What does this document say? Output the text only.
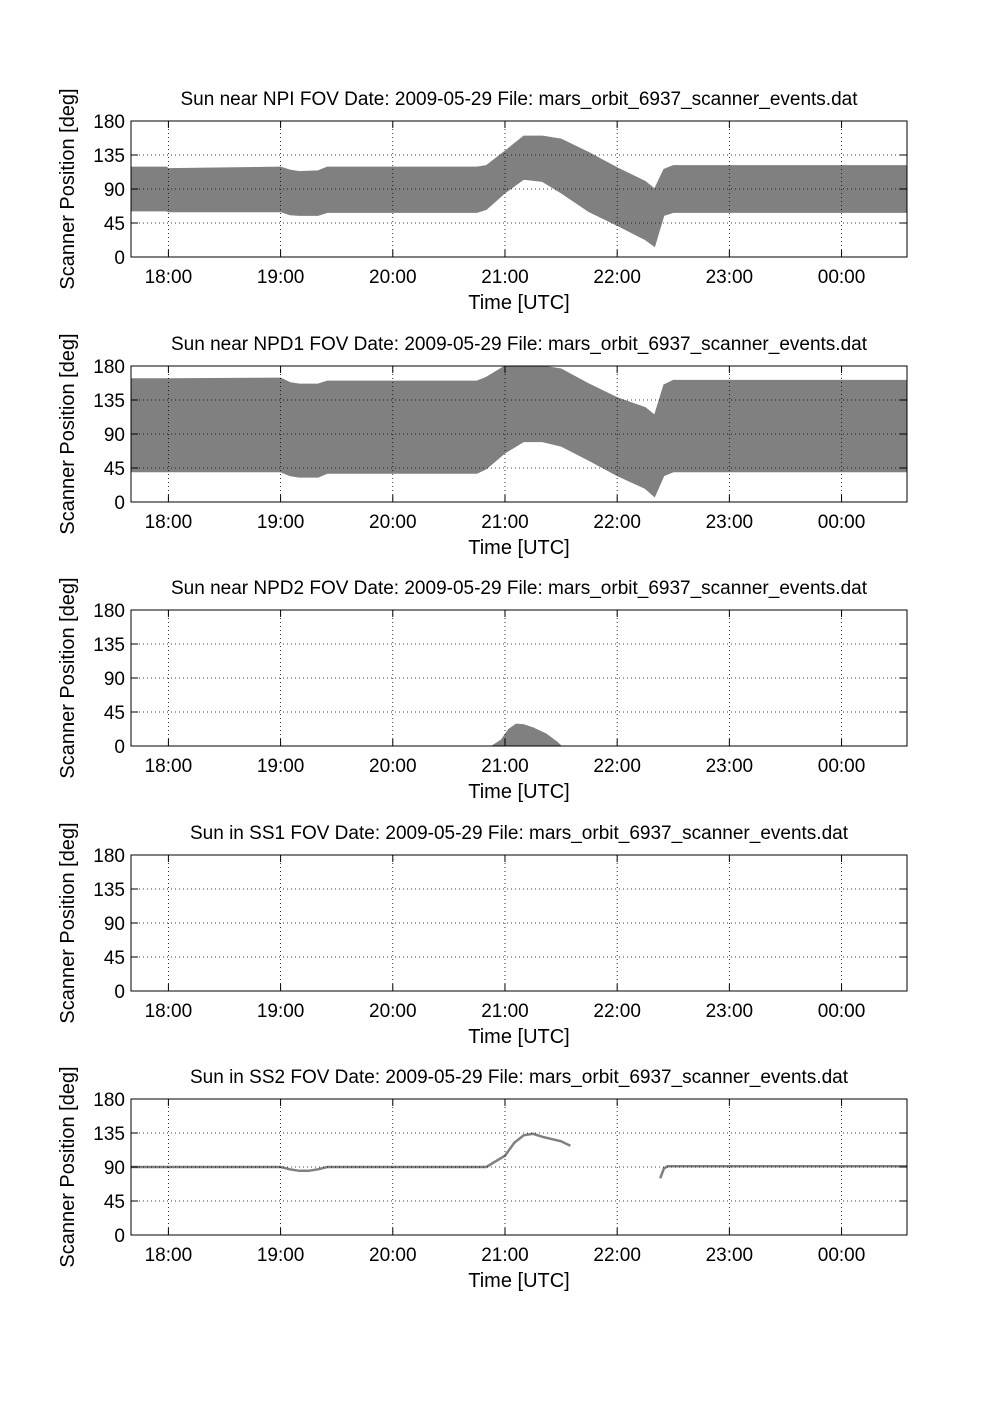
Sun near NPI FOV Date: 2009-05-29 File: mars_orbit_6937_scanner_events.dat
18:00	19:00	20:00	21:00	22:00	23:00	00:00
0
45
90
135
180
Time [UTC]
Scanner Position [deg]
Sun near NPD1 FOV Date: 2009-05-29 File: mars_orbit_6937_scanner_events.dat
18:00	19:00	20:00	21:00	22:00	23:00	00:00
0
45
90
135
180
Time [UTC]
Scanner Position [deg]
Sun near NPD2 FOV Date: 2009-05-29 File: mars_orbit_6937_scanner_events.dat
18:00	19:00	20:00	21:00	22:00	23:00	00:00
0
45
90
135
180
Time [UTC]
Scanner Position [deg]
Sun in SS1 FOV Date: 2009-05-29 File: mars_orbit_6937_scanner_events.dat
18:00	19:00	20:00	21:00	22:00	23:00	00:00
0
45
90
135
180
Time [UTC]
Scanner Position [deg]
Sun in SS2 FOV Date: 2009-05-29 File: mars_orbit_6937_scanner_events.dat
18:00	19:00	20:00	21:00	22:00	23:00	00:00
0
45
90
135
180
Time [UTC]
Scanner Position [deg]
